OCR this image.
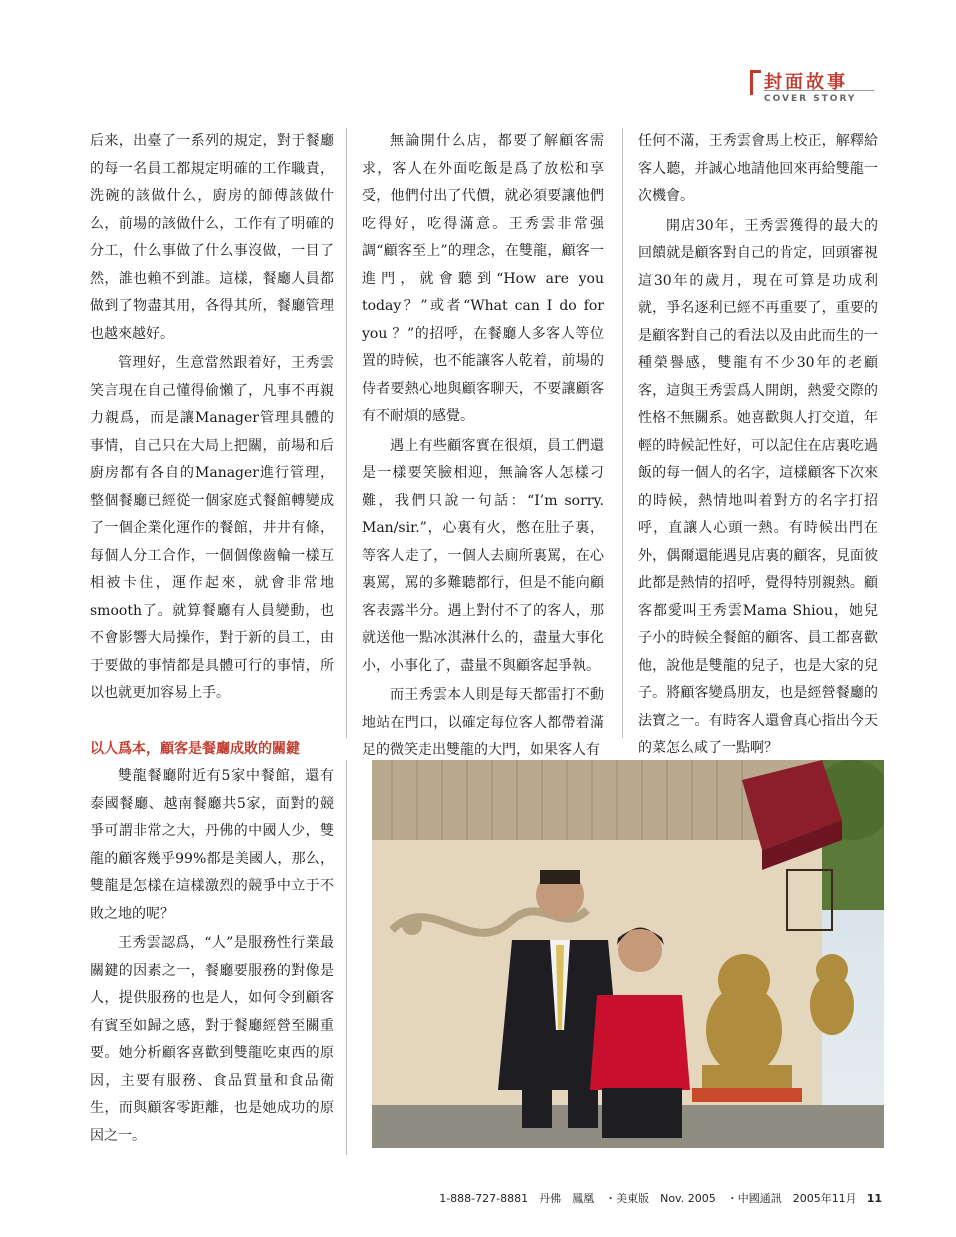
封面故事
COVER STORY

后来，出臺了一系列的規定，對于餐廳的每一名員工都規定明確的工作職責，洗碗的該做什么，廚房的師傅該做什么，前場的該做什么，工作有了明確的分工，什么事做了什么事沒做，一目了然，誰也賴不到誰。這樣，餐廳人員都做到了物盡其用，各得其所，餐廳管理也越來越好。

管理好，生意當然跟着好，王秀雲笑言現在自己懂得偷懶了，凡事不再親力親爲，而是讓Manager管理具體的事情，自己只在大局上把關，前場和后廚房都有各自的Manager進行管理，整個餐廳已經從一個家庭式餐館轉變成了一個企業化運作的餐館，井井有條，每個人分工合作，一個個像齒輪一樣互相被卡住，運作起來，就會非常地smooth了。就算餐廳有人員變動，也不會影響大局操作，對于新的員工，由于要做的事情都是具體可行的事情，所以也就更加容易上手。

以人爲本，顧客是餐廳成敗的關鍵

雙龍餐廳附近有5家中餐館，還有泰國餐廳、越南餐廳共5家，面對的競爭可謂非常之大，丹佛的中國人少，雙龍的顧客幾乎99%都是美國人，那么，雙龍是怎樣在這樣激烈的競爭中立于不敗之地的呢？

王秀雲認爲，“人”是服務性行業最關鍵的因素之一，餐廳要服務的對像是人，提供服務的也是人，如何令到顧客有賓至如歸之感，對于餐廳經營至關重要。她分析顧客喜歡到雙龍吃東西的原因，主要有服務、食品質量和食品衛生，而與顧客零距離，也是她成功的原因之一。

無論開什么店，都要了解顧客需求，客人在外面吃飯是爲了放松和享受，他們付出了代價，就必須要讓他們吃得好，吃得滿意。王秀雲非常强調“顧客至上”的理念，在雙龍，顧客一進門，就會聽到“How are you today？”或者“What can I do for you ？”的招呼，在餐廳人多客人等位置的時候，也不能讓客人乾着，前場的侍者要熱心地與顧客聊天，不要讓顧客有不耐煩的感覺。

遇上有些顧客實在很煩，員工們還是一樣要笑臉相迎，無論客人怎樣刁難，我們只說一句話：“I’m sorry. Man/sir.”，心裏有火，憋在肚子裏，等客人走了，一個人去廁所裏罵，在心裏罵，罵的多難聽都行，但是不能向顧客表露半分。遇上對付不了的客人，那就送他一點冰淇淋什么的，盡量大事化小，小事化了，盡量不與顧客起爭執。

而王秀雲本人則是每天都雷打不動地站在門口，以確定每位客人都帶着滿足的微笑走出雙龍的大門，如果客人有

任何不滿，王秀雲會馬上校正，解釋給客人聽，并誠心地請他回來再給雙龍一次機會。

開店30年，王秀雲獲得的最大的回饋就是顧客對自己的肯定，回頭審視這30年的歲月，現在可算是功成利就，爭名逐利已經不再重要了，重要的是顧客對自己的看法以及由此而生的一種榮譽感，雙龍有不少30年的老顧客，這與王秀雲爲人開朗，熱愛交際的性格不無關系。她喜歡與人打交道，年輕的時候記性好，可以記住在店裏吃過飯的每一個人的名字，這樣顧客下次來的時候，熱情地叫着對方的名字打招呼，直讓人心頭一熱。有時候出門在外，偶爾還能遇見店裏的顧客，見面彼此都是熱情的招呼，覺得特別親熱。顧客都愛叫王秀雲Mama Shiou，她兒子小的時候全餐館的顧客、員工都喜歡他，說他是雙龍的兒子，也是大家的兒子。將顧客變爲朋友，也是經營餐廳的法寶之一。有時客人還會真心指出今天的菜怎么咸了一點啊？

1-888-727-8881　丹佛　鳳凰　・美東版　Nov. 2005　・中國通訊　2005年11月 11
